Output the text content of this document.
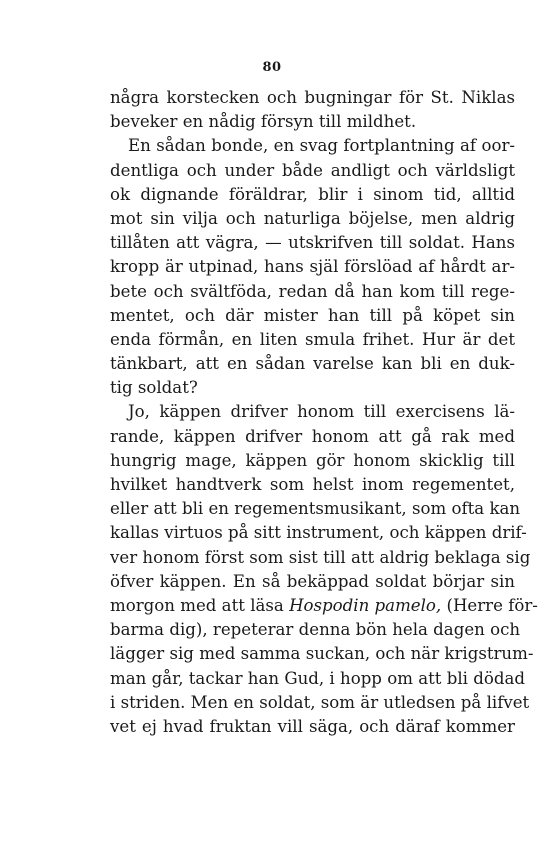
80
några korstecken och bugningar för St. Niklas
beveker en nådig försyn till mildhet.
En sådan bonde, en svag fortplantning af oor-
dentliga och under både andligt och världsligt
ok dignande föräldrar, blir i sinom tid, alltid
mot sin vilja och naturliga böjelse, men aldrig
tillåten att vägra, — utskrifven till soldat. Hans
kropp är utpinad, hans själ förslöad af hårdt ar-
bete och svältföda, redan då han kom till rege-
mentet, och där mister han till på köpet sin
enda förmån, en liten smula frihet. Hur är det
tänkbart, att en sådan varelse kan bli en duk-
tig soldat?
Jo, käppen drifver honom till exercisens lä-
rande, käppen drifver honom att gå rak med
hungrig mage, käppen gör honom skicklig till
hvilket handtverk som helst inom regementet,
eller att bli en regementsmusikant, som ofta kan
kallas virtuos på sitt instrument, och käppen drif-
ver honom först som sist till att aldrig beklaga sig
öfver käppen. En så bekäppad soldat börjar sin
morgon med att läsa Hospodin pamelo, (Herre för-
barma dig), repeterar denna bön hela dagen och
lägger sig med samma suckan, och när krigstrum-
man går, tackar han Gud, i hopp om att bli dödad
i striden. Men en soldat, som är utledsen på lifvet
vet ej hvad fruktan vill säga, och däraf kommer
